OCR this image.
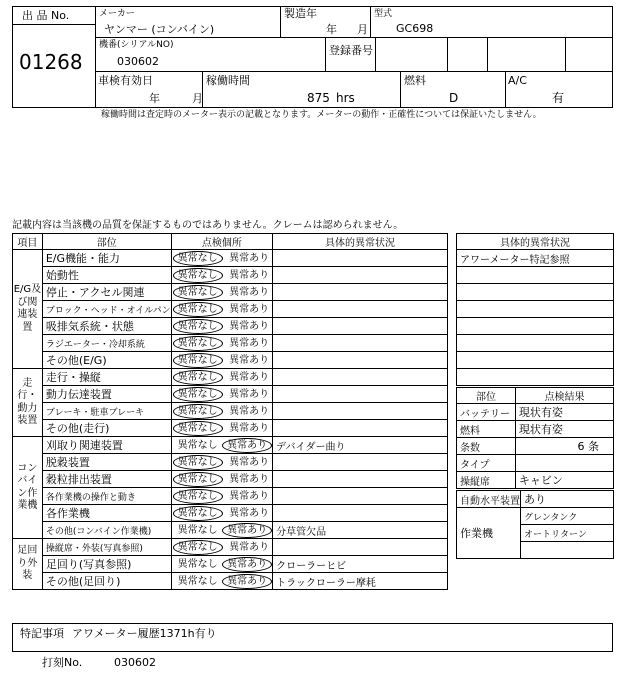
出 品 No.
01268
メーカー
ヤンマー (コンバイン)
製造年
年 月
型式
GC698
機番(シリアルNO)
030602
登録番号
車検有効日
年	月
稼働時間
875 hrs
燃料
D
A/C
有
稼働時間は査定時のメーター表示の記載となります。メーターの動作・正確性については保証いたしません。
記載内容は当該機の品質を保証するものではありません。クレームは認められません。
項目	部位	点検個所	具体的異常状況
E/G及び関連装置	E/G機能・能力	異常なし 異常あり	
	始動性	異常なし 異常あり	
	停止・アクセル関連	異常なし 異常あり	
	ブロック・ヘッド・オイルパン	異常なし 異常あり	
	吸排気系統・状態	異常なし 異常あり	
	ラジエーター・冷却系統	異常なし 異常あり	
	その他(E/G)	異常なし 異常あり	
走行・動力装置	走行・操縦	異常なし 異常あり	
	動力伝達装置	異常なし 異常あり	
	ブレーキ・駐車ブレーキ	異常なし 異常あり	
	その他(走行)	異常なし 異常あり	
コンバイン作業機	刈取り関連装置	異常なし 異常あり	デバイダー曲り
	脱穀装置	異常なし 異常あり	
	穀粒排出装置	異常なし 異常あり	
	各作業機の操作と動き	異常なし 異常あり	
	各作業機	異常なし 異常あり	
	その他(コンバイン作業機)	異常なし 異常あり	分草管欠品
足回り外装	操縦席・外装(写真参照)	異常なし 異常あり	
	足回り(写真参照)	異常なし 異常あり	クローラーヒビ
	その他(足回り)	異常なし 異常あり	トラックローラー摩耗
具体的異常状況
アワーメーター特記参照

部位	点検結果
バッテリー	現状有姿
燃料	現状有姿
条数	6 条
タイプ	
操縦席	キャビン
自動水平装置	あり
作業機	グレンタンク
	オートリターン

特記事項 アワメーター履歴1371h有り
打刻No.	030602
